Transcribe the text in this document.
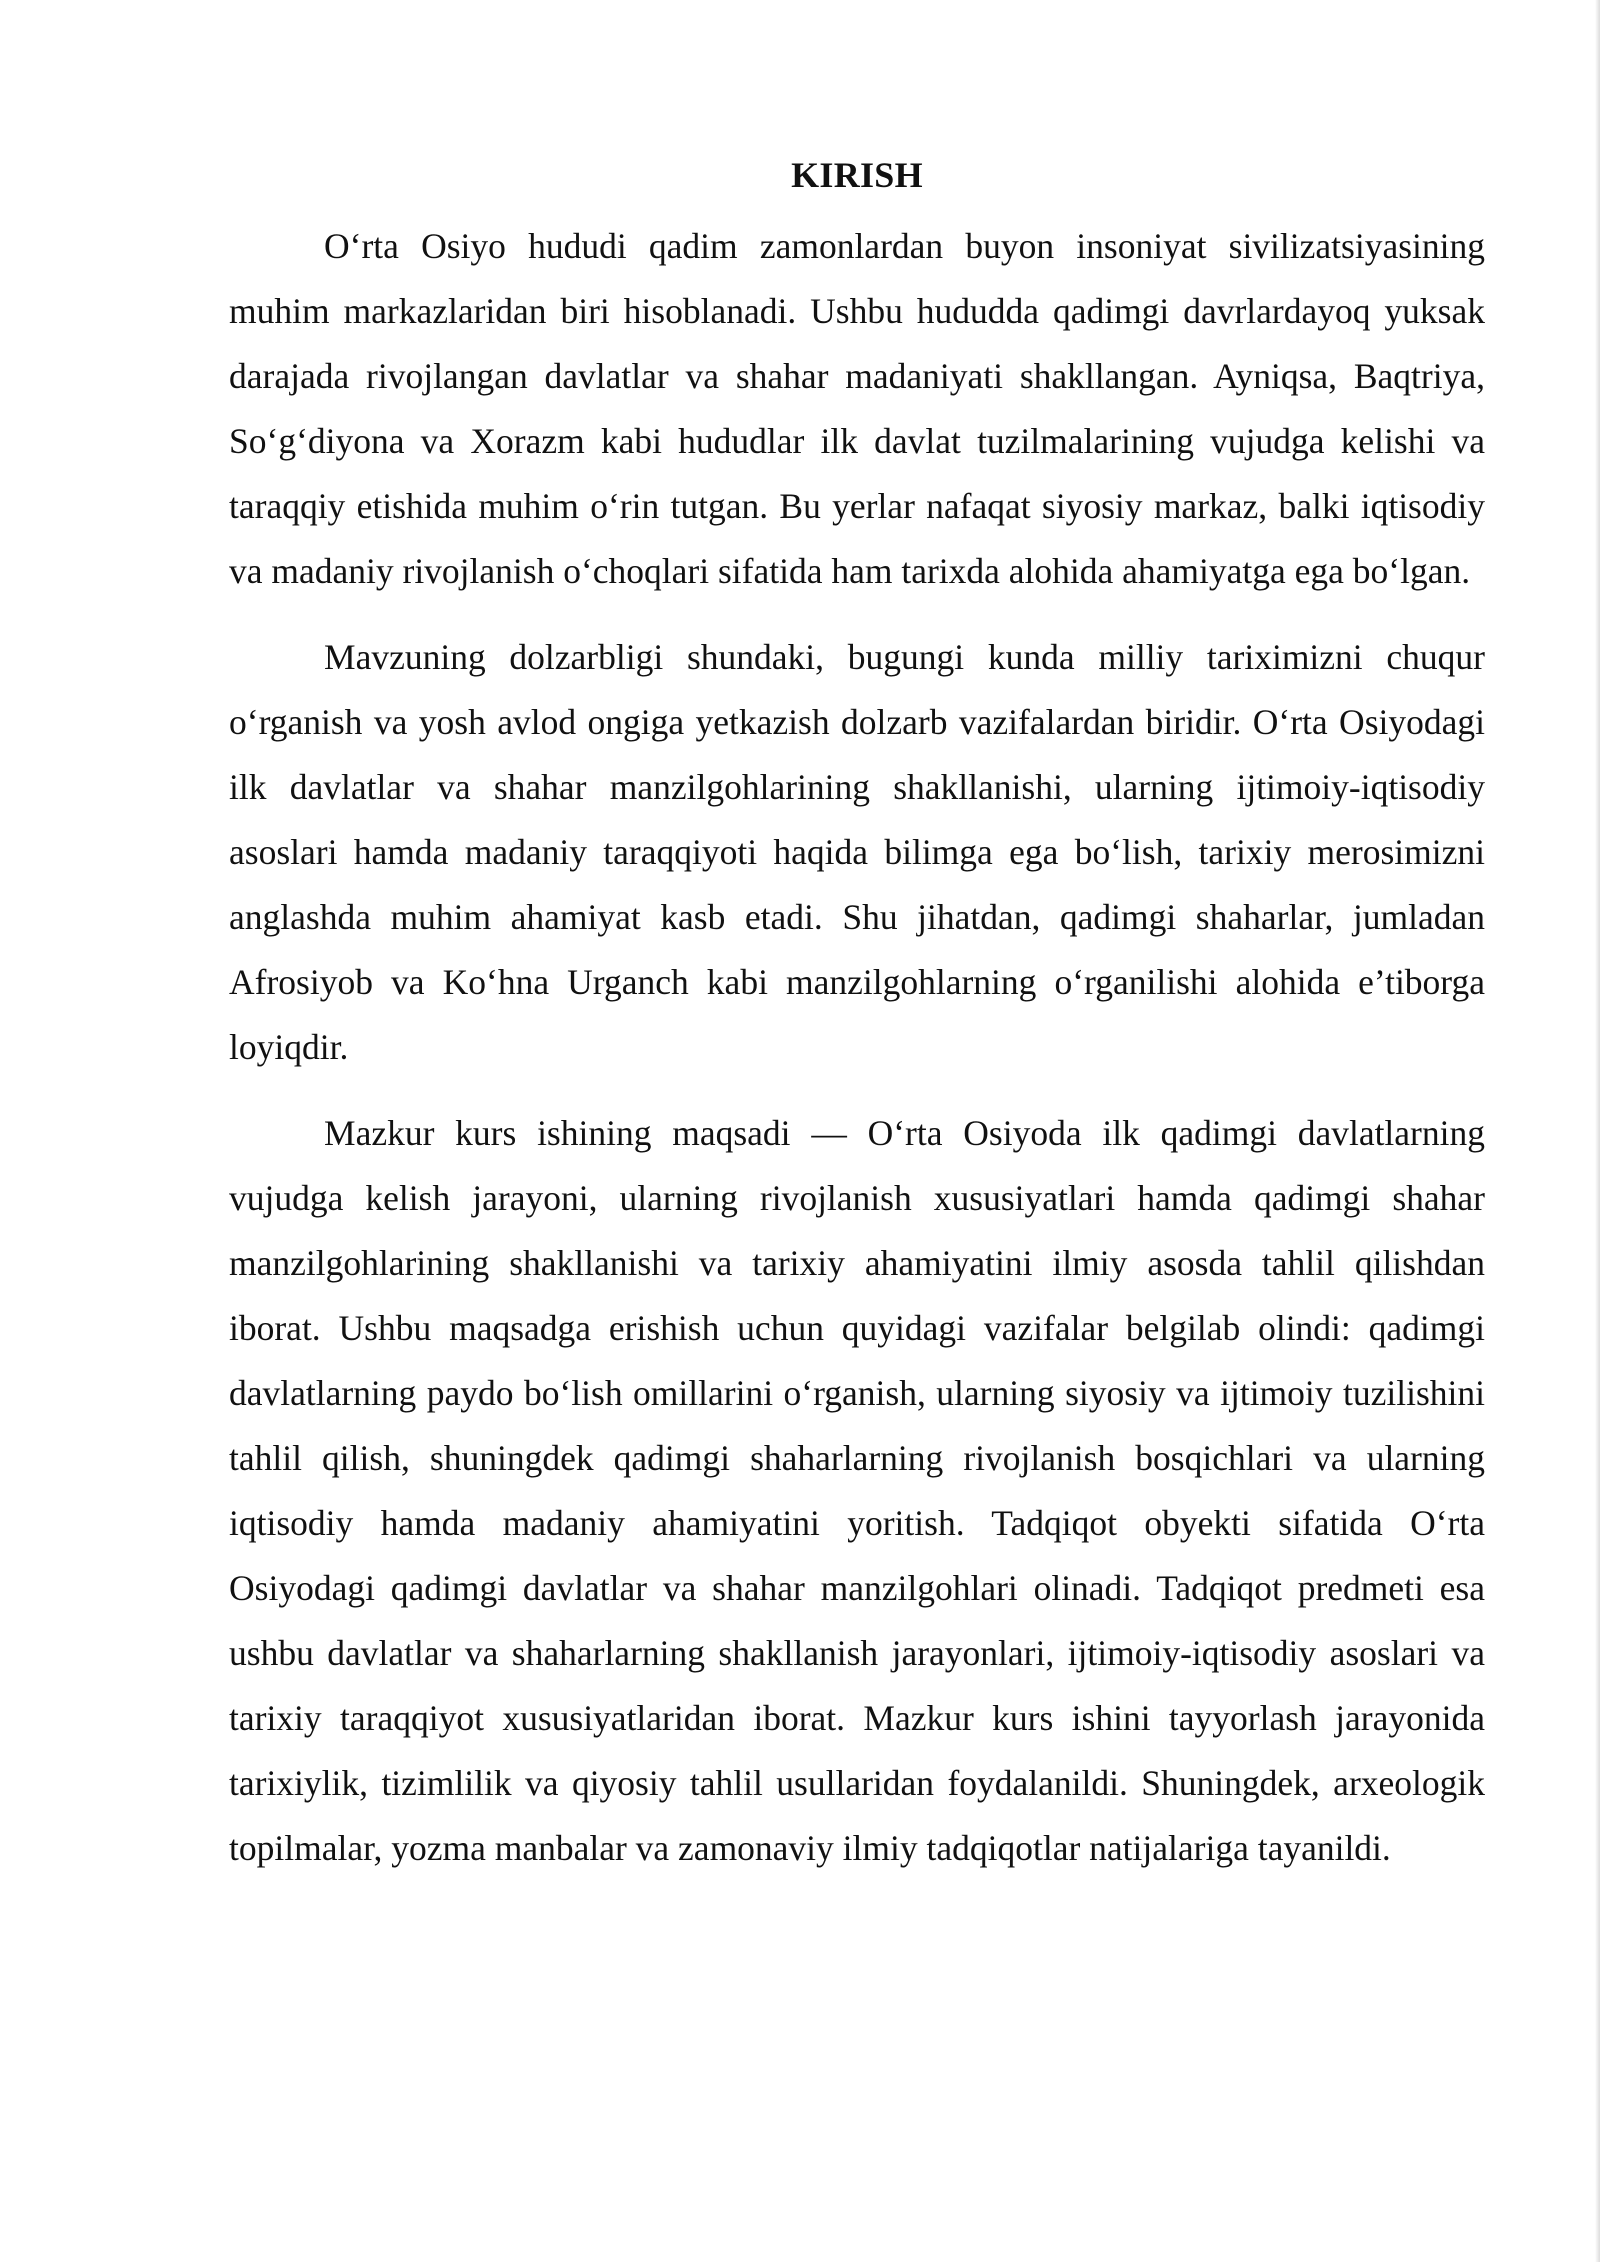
KIRISH

O‘rta Osiyo hududi qadim zamonlardan buyon insoniyat sivilizatsiyasining muhim markazlaridan biri hisoblanadi. Ushbu hududda qadimgi davrlardayoq yuksak darajada rivojlangan davlatlar va shahar madaniyati shakllangan. Ayniqsa, Baqtriya, So‘g‘diyona va Xorazm kabi hududlar ilk davlat tuzilmalarining vujudga kelishi va taraqqiy etishida muhim o‘rin tutgan. Bu yerlar nafaqat siyosiy markaz, balki iqtisodiy va madaniy rivojlanish o‘choqlari sifatida ham tarixda alohida ahamiyatga ega bo‘lgan.

Mavzuning dolzarbligi shundaki, bugungi kunda milliy tariximizni chuqur o‘rganish va yosh avlod ongiga yetkazish dolzarb vazifalardan biridir. O‘rta Osiyodagi ilk davlatlar va shahar manzilgohlarining shakllanishi, ularning ijtimoiy-iqtisodiy asoslari hamda madaniy taraqqiyoti haqida bilimga ega bo‘lish, tarixiy merosimizni anglashda muhim ahamiyat kasb etadi. Shu jihatdan, qadimgi shaharlar, jumladan Afrosiyob va Ko‘hna Urganch kabi manzilgohlarning o‘rganilishi alohida e’tiborga loyiqdir.

Mazkur kurs ishining maqsadi — O‘rta Osiyoda ilk qadimgi davlatlarning vujudga kelish jarayoni, ularning rivojlanish xususiyatlari hamda qadimgi shahar manzilgohlarining shakllanishi va tarixiy ahamiyatini ilmiy asosda tahlil qilishdan iborat. Ushbu maqsadga erishish uchun quyidagi vazifalar belgilab olindi: qadimgi davlatlarning paydo bo‘lish omillarini o‘rganish, ularning siyosiy va ijtimoiy tuzilishini tahlil qilish, shuningdek qadimgi shaharlarning rivojlanish bosqichlari va ularning iqtisodiy hamda madaniy ahamiyatini yoritish. Tadqiqot obyekti sifatida O‘rta Osiyodagi qadimgi davlatlar va shahar manzilgohlari olinadi. Tadqiqot predmeti esa ushbu davlatlar va shaharlarning shakllanish jarayonlari, ijtimoiy-iqtisodiy asoslari va tarixiy taraqqiyot xususiyatlaridan iborat. Mazkur kurs ishini tayyorlash jarayonida tarixiylik, tizimlilik va qiyosiy tahlil usullaridan foydalanildi. Shuningdek, arxeologik topilmalar, yozma manbalar va zamonaviy ilmiy tadqiqotlar natijalariga tayanildi.
